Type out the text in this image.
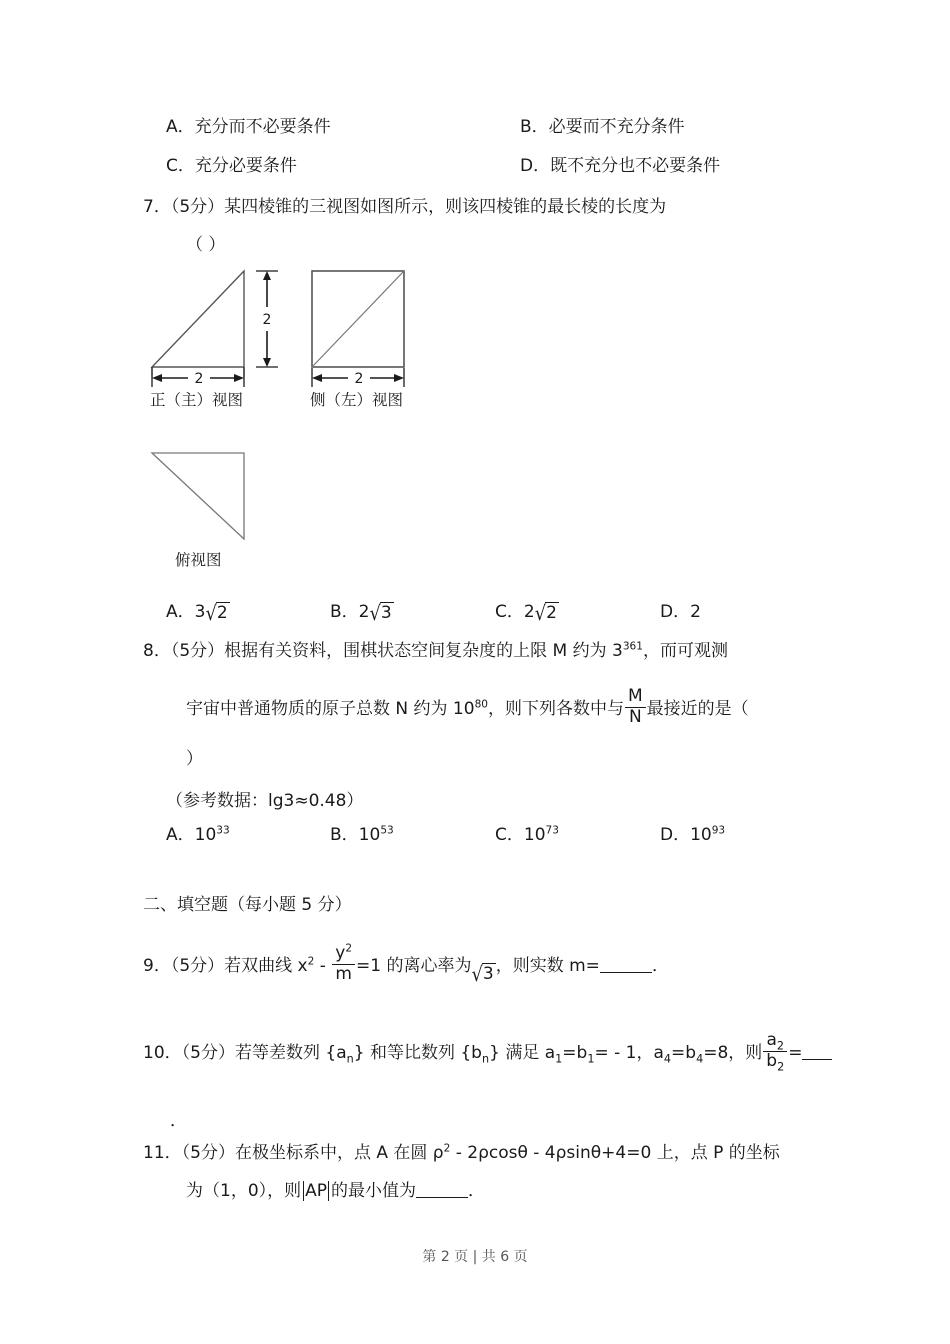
A．充分而不必要条件	B．必要而不充分条件
C．充分必要条件	D．既不充分也不必要条件
7．（5分）某四棱锥的三视图如图所示，则该四棱锥的最长棱的长度为
（ ）
2
2
正（主）视图
2
侧（左）视图
俯视图
A．3√2	B．2√3	C．2√2	D．2
8．（5分）根据有关资料，围棋状态空间复杂度的上限 M 约为 $3^{361}$，而可观测
宇宙中普通物质的原子总数 N 约为 $10^{80}$，则下列各数中与 $\frac{M}{N}$ 最接近的是（
）
（参考数据：lg3≈0.48）
A．$10^{33}$	B．$10^{53}$	C．$10^{73}$	D．$10^{93}$
二、填空题（每小题 5 分）
9．（5分）若双曲线 $x^2 - \frac{y^2}{m} =1$ 的离心率为√3 ，则实数 m=	．
10．（5分）若等差数列 $\{a_n\}$ 和等比数列 $\{b_n\}$ 满足 $a_1=b_1= - 1$，$a_4=b_4=8$，则 $\frac{a_2}{b_2}$ =
．
11．（5分）在极坐标系中，点 A 在圆 $\rho^2 - 2\rho\cos\theta - 4\rho\sin\theta+4=0$ 上，点 P 的坐标
为（1，0），则 AP 的最小值为	．
第 2 页 | 共 6 页
